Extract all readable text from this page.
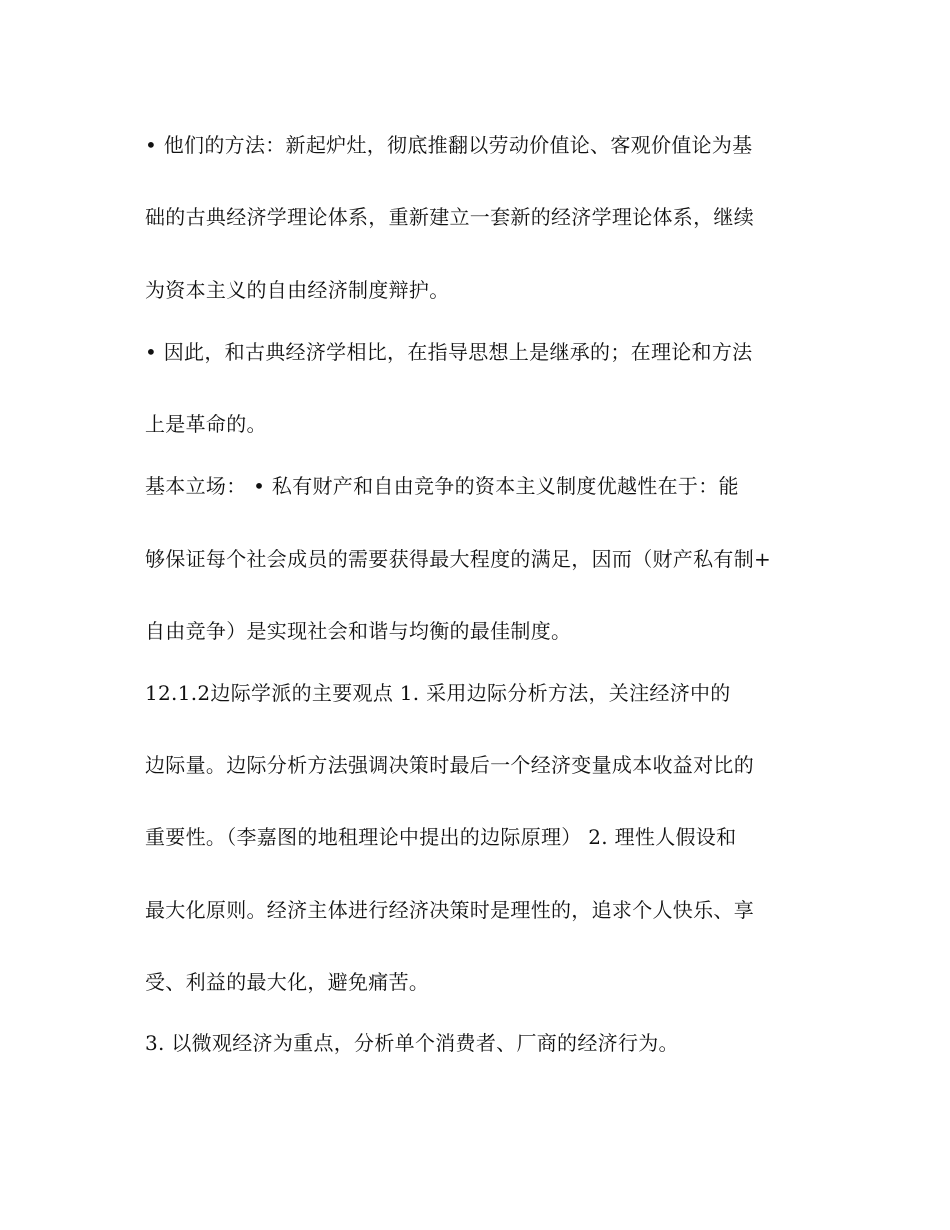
• 他们的方法：新起炉灶，彻底推翻以劳动价值论、客观价值论为基
础的古典经济学理论体系，重新建立一套新的经济学理论体系，继续
为资本主义的自由经济制度辩护。
• 因此，和古典经济学相比，在指导思想上是继承的；在理论和方法
上是革命的。
基本立场： • 私有财产和自由竞争的资本主义制度优越性在于：能
够保证每个社会成员的需要获得最大程度的满足，因而（财产私有制+
自由竞争）是实现社会和谐与均衡的最佳制度。
12.1.2边际学派的主要观点 1. 采用边际分析方法，关注经济中的
边际量。边际分析方法强调决策时最后一个经济变量成本收益对比的
重要性。（李嘉图的地租理论中提出的边际原理） 2. 理性人假设和
最大化原则。经济主体进行经济决策时是理性的，追求个人快乐、享
受、利益的最大化，避免痛苦。
3. 以微观经济为重点，分析单个消费者、厂商的经济行为。
